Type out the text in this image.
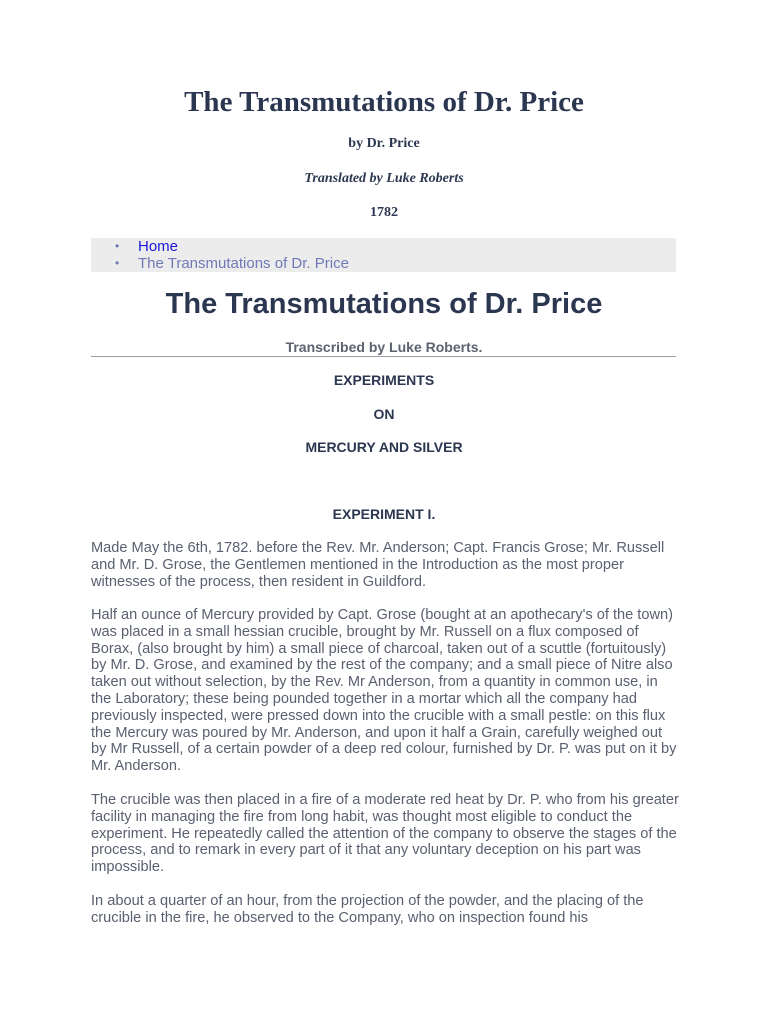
The Transmutations of Dr. Price
by Dr. Price
Translated by Luke Roberts
1782
• Home
• The Transmutations of Dr. Price
The Transmutations of Dr. Price
Transcribed by Luke Roberts.
EXPERIMENTS
ON
MERCURY AND SILVER
EXPERIMENT I.

Made May the 6th, 1782. before the Rev. Mr. Anderson; Capt. Francis Grose; Mr. Russell and Mr. D. Grose, the Gentlemen mentioned in the Introduction as the most proper witnesses of the process, then resident in Guildford.

Half an ounce of Mercury provided by Capt. Grose (bought at an apothecary's of the town) was placed in a small hessian crucible, brought by Mr. Russell on a flux composed of Borax, (also brought by him) a small piece of charcoal, taken out of a scuttle (fortuitously) by Mr. D. Grose, and examined by the rest of the company; and a small piece of Nitre also taken out without selection, by the Rev. Mr Anderson, from a quantity in common use, in the Laboratory; these being pounded together in a mortar which all the company had previously inspected, were pressed down into the crucible with a small pestle: on this flux the Mercury was poured by Mr. Anderson, and upon it half a Grain, carefully weighed out by Mr Russell, of a certain powder of a deep red colour, furnished by Dr. P. was put on it by Mr. Anderson.

The crucible was then placed in a fire of a moderate red heat by Dr. P. who from his greater facility in managing the fire from long habit, was thought most eligible to conduct the experiment. He repeatedly called the attention of the company to observe the stages of the process, and to remark in every part of it that any voluntary deception on his part was impossible.

In about a quarter of an hour, from the projection of the powder, and the placing of the crucible in the fire, he observed to the Company, who on inspection found his
